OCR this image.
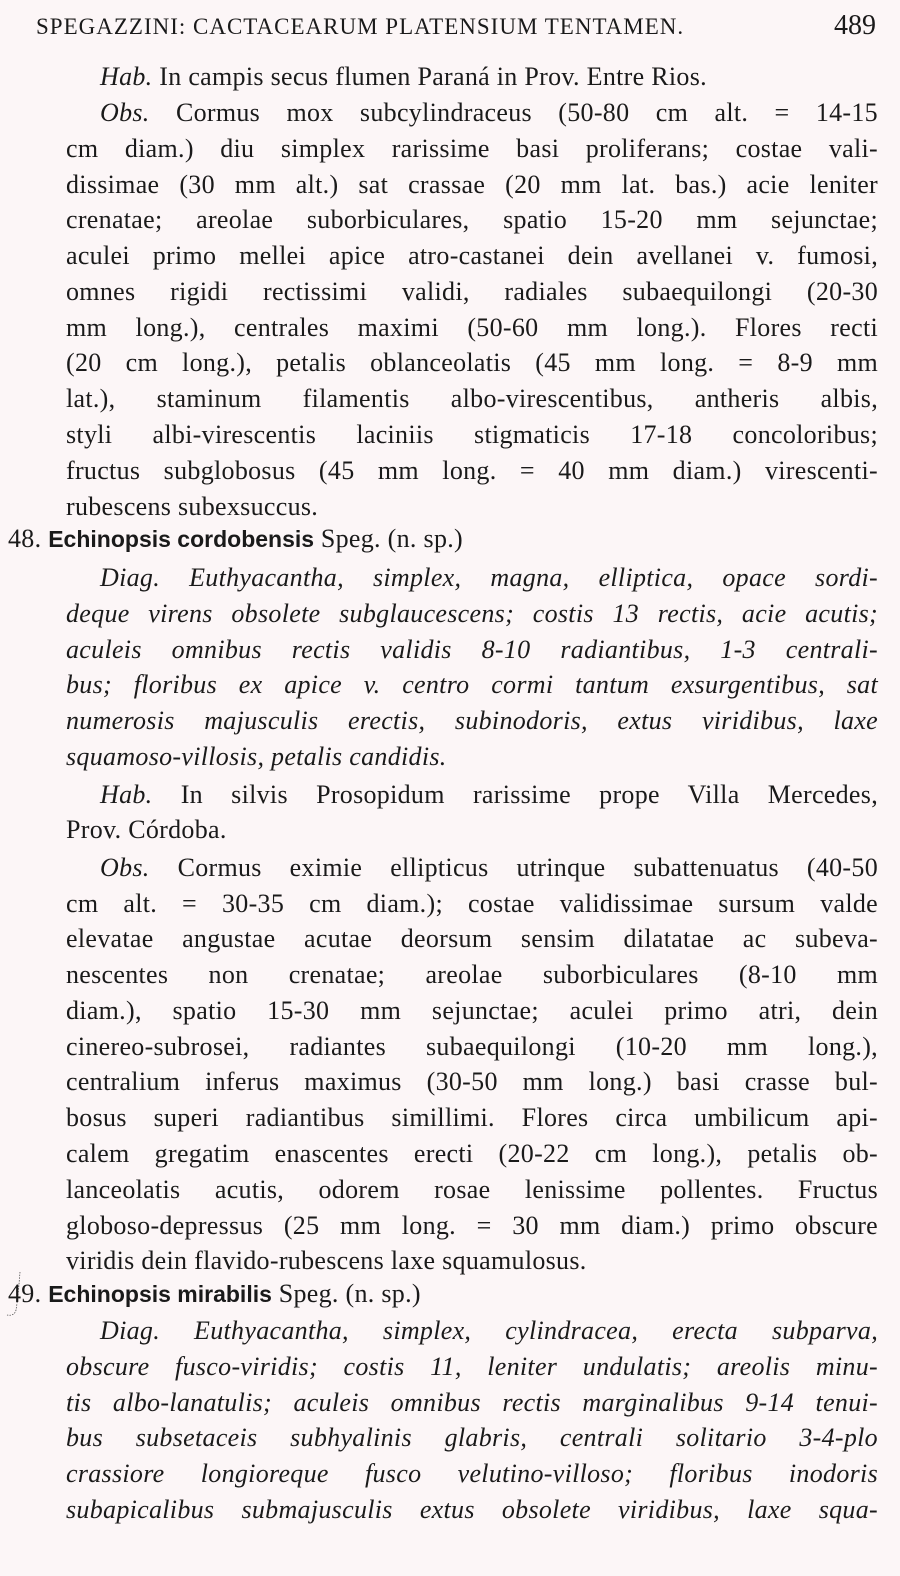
SPEGAZZINI: CACTACEARUM PLATENSIUM TENTAMEN.	489
Hab. In campis secus flumen Paraná in Prov. Entre Rios.
Obs. Cormus mox subcylindraceus (50-80 cm alt. = 14-15
cm diam.) diu simplex rarissime basi proliferans; costae vali-
dissimae (30 mm alt.) sat crassae (20 mm lat. bas.) acie leniter
crenatae; areolae suborbiculares, spatio 15-20 mm sejunctae;
aculei primo mellei apice atro-castanei dein avellanei v. fumosi,
omnes rigidi rectissimi validi, radiales subaequilongi (20-30
mm long.), centrales maximi (50-60 mm long.). Flores recti
(20 cm long.), petalis oblanceolatis (45 mm long. = 8-9 mm
lat.), staminum filamentis albo-virescentibus, antheris albis,
styli albi-virescentis laciniis stigmaticis 17-18 concoloribus;
fructus subglobosus (45 mm long. = 40 mm diam.) virescenti-
rubescens subexsuccus.
48. Echinopsis cordobensis Speg. (n. sp.)
Diag. Euthyacantha, simplex, magna, elliptica, opace sordi-
deque virens obsolete subglaucescens; costis 13 rectis, acie acutis;
aculeis omnibus rectis validis 8-10 radiantibus, 1-3 centrali-
bus; floribus ex apice v. centro cormi tantum exsurgentibus, sat
numerosis majusculis erectis, subinodoris, extus viridibus, laxe
squamoso-villosis, petalis candidis.
Hab. In silvis Prosopidum rarissime prope Villa Mercedes,
Prov. Córdoba.
Obs. Cormus eximie ellipticus utrinque subattenuatus (40-50
cm alt. = 30-35 cm diam.); costae validissimae sursum valde
elevatae angustae acutae deorsum sensim dilatatae ac subeva-
nescentes non crenatae; areolae suborbiculares (8-10 mm
diam.), spatio 15-30 mm sejunctae; aculei primo atri, dein
cinereo-subrosei, radiantes subaequilongi (10-20 mm long.),
centralium inferus maximus (30-50 mm long.) basi crasse bul-
bosus superi radiantibus simillimi. Flores circa umbilicum api-
calem gregatim enascentes erecti (20-22 cm long.), petalis ob-
lanceolatis acutis, odorem rosae lenissime pollentes. Fructus
globoso-depressus (25 mm long. = 30 mm diam.) primo obscure
viridis dein flavido-rubescens laxe squamulosus.
49. Echinopsis mirabilis Speg. (n. sp.)
Diag. Euthyacantha, simplex, cylindracea, erecta subparva,
obscure fusco-viridis; costis 11, leniter undulatis; areolis minu-
tis albo-lanatulis; aculeis omnibus rectis marginalibus 9-14 tenui-
bus subsetaceis subhyalinis glabris, centrali solitario 3-4-plo
crassiore longioreque fusco velutino-villoso; floribus inodoris
subapicalibus submajusculis extus obsolete viridibus, laxe squa-
